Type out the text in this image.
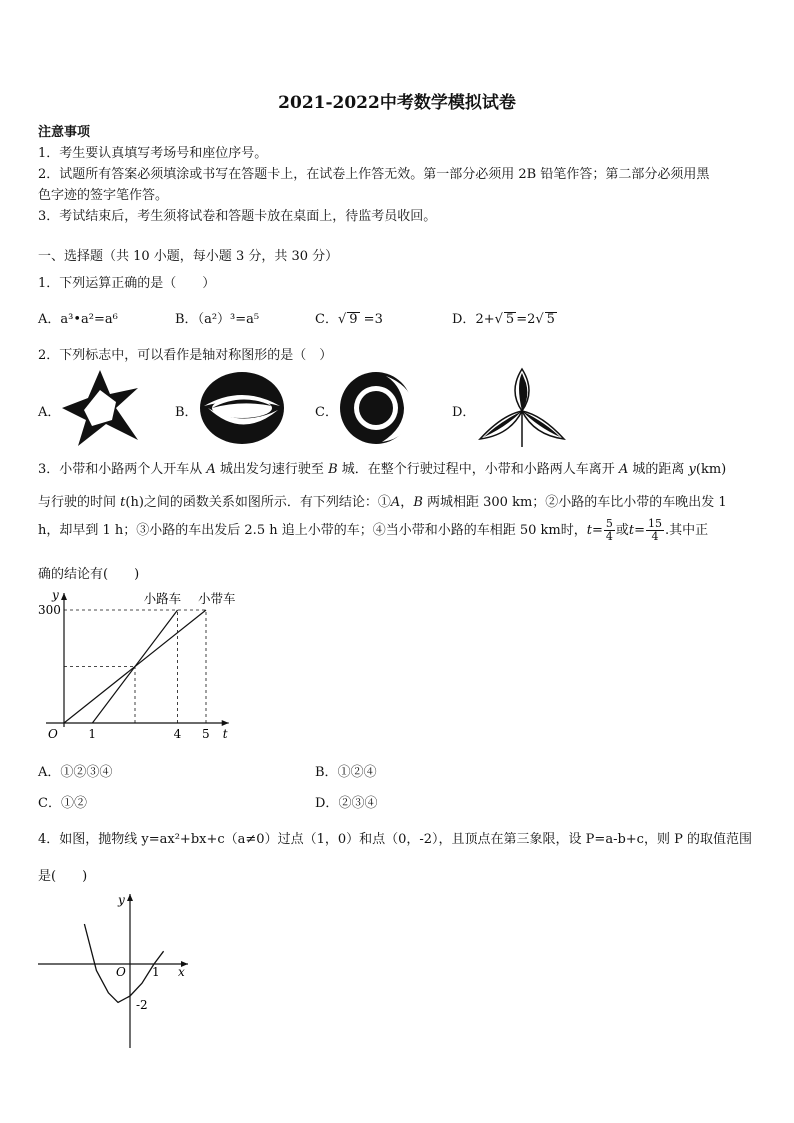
2021-2022中考数学模拟试卷
注意事项
1．考生要认真填写考场号和座位序号。
2．试题所有答案必须填涂或书写在答题卡上，在试卷上作答无效。第一部分必须用 2B 铅笔作答；第二部分必须用黑
色字迹的签字笔作答。
3．考试结束后，考生须将试卷和答题卡放在桌面上，待监考员收回。
一、选择题（共 10 小题，每小题 3 分，共 30 分）
1．下列运算正确的是（　　）
A．a³•a²=a⁶	B．（a²）³=a⁵	C．√ 9 =3	D．2+√ 5 =2√ 5
2．下列标志中，可以看作是轴对称图形的是（　）
A．	B．	C．	D．
3．小带和小路两个人开车从 A 城出发匀速行驶至 B 城．在整个行驶过程中，小带和小路两人车离开 A 城的距离 y(km)
与行驶的时间 t(h)之间的函数关系如图所示．有下列结论：①A，B 两城相距 300 km；②小路的车比小带的车晚出发 1
h，却早到 1 h；③小路的车出发后 2.5 h 追上小带的车；④当小带和小路的车相距 50 km时，$t= \frac{5}{4}$ 或$t= \frac{15}{4}$ .其中正
确的结论有(　　)
y
t
O	1	4 5
300
小路车 小带车
A．①②③④	B．①②④
C．①②	D．②③④
4．如图，抛物线 y=ax²+bx+c（a≠0）过点（1，0）和点（0，-2），且顶点在第三象限，设 P=a-b+c，则 P 的取值范围
是(　　)
y
x
O 1
-2
